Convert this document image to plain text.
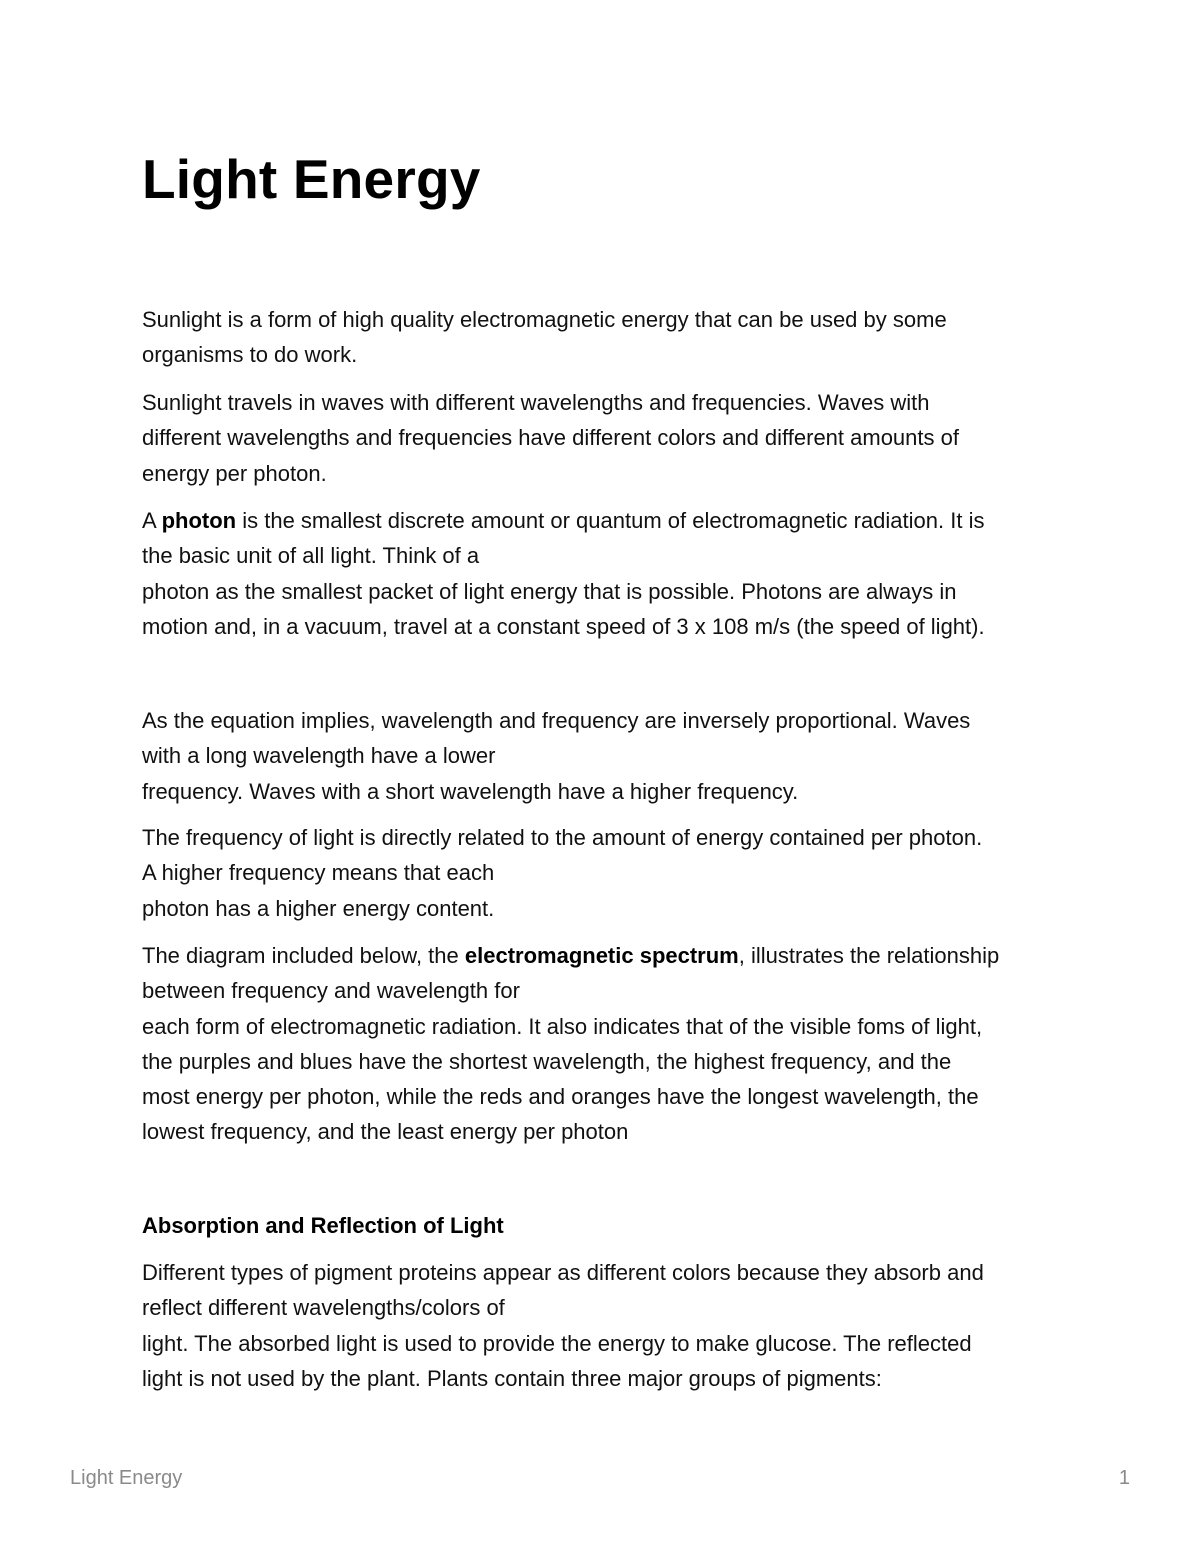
Light Energy

Sunlight is a form of high quality electromagnetic energy that can be used by some
organisms to do work.

Sunlight travels in waves with different wavelengths and frequencies. Waves with
different wavelengths and frequencies have different colors and different amounts of
energy per photon.

A photon is the smallest discrete amount or quantum of electromagnetic radiation. It is
the basic unit of all light. Think of a
photon as the smallest packet of light energy that is possible. Photons are always in
motion and, in a vacuum, travel at a constant speed of 3 x 108 m/s (the speed of light).

As the equation implies, wavelength and frequency are inversely proportional. Waves
with a long wavelength have a lower
frequency. Waves with a short wavelength have a higher frequency.

The frequency of light is directly related to the amount of energy contained per photon.
A higher frequency means that each
photon has a higher energy content.

The diagram included below, the electromagnetic spectrum, illustrates the relationship
between frequency and wavelength for
each form of electromagnetic radiation. It also indicates that of the visible foms of light,
the purples and blues have the shortest wavelength, the highest frequency, and the
most energy per photon, while the reds and oranges have the longest wavelength, the
lowest frequency, and the least energy per photon

Absorption and Reflection of Light

Different types of pigment proteins appear as different colors because they absorb and
reflect different wavelengths/colors of
light. The absorbed light is used to provide the energy to make glucose. The reflected
light is not used by the plant. Plants contain three major groups of pigments:

Light Energy	1
